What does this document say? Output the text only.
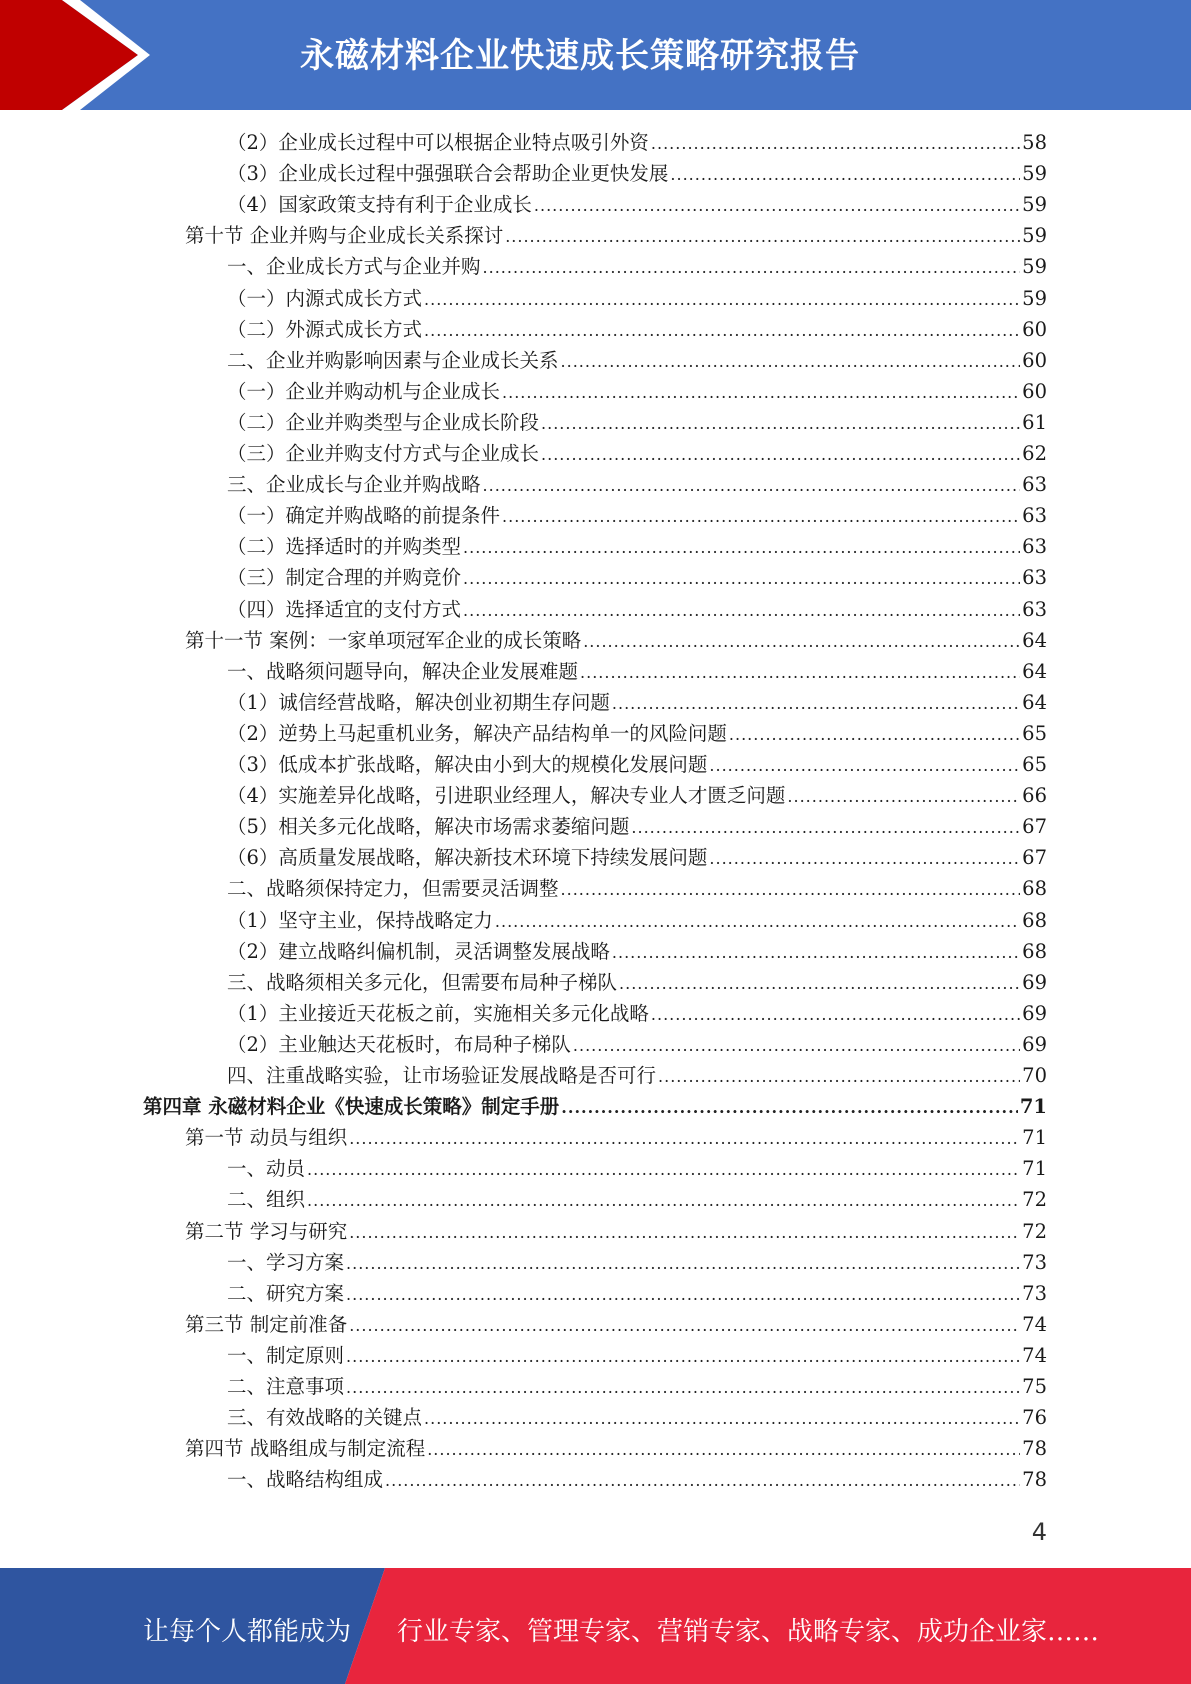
永磁材料企业快速成长策略研究报告
（2）企业成长过程中可以根据企业特点吸引外资 .....	58
（3）企业成长过程中强强联合会帮助企业更快发展 .....	59
（4）国家政策支持有利于企业成长 .....	59
第十节 企业并购与企业成长关系探讨 .....	59
一、企业成长方式与企业并购 .....	59
（一）内源式成长方式 .....	59
（二）外源式成长方式 .....	60
二、企业并购影响因素与企业成长关系 .....	60
（一）企业并购动机与企业成长 .....	60
（二）企业并购类型与企业成长阶段 .....	61
（三）企业并购支付方式与企业成长 .....	62
三、企业成长与企业并购战略 .....	63
（一）确定并购战略的前提条件 .....	63
（二）选择适时的并购类型 .....	63
（三）制定合理的并购竞价 .....	63
（四）选择适宜的支付方式 .....	63
第十一节 案例：一家单项冠军企业的成长策略 .....	64
一、战略须问题导向，解决企业发展难题 .....	64
（1）诚信经营战略，解决创业初期生存问题 .....	64
（2）逆势上马起重机业务，解决产品结构单一的风险问题 .....	65
（3）低成本扩张战略，解决由小到大的规模化发展问题 .....	65
（4）实施差异化战略，引进职业经理人，解决专业人才匮乏问题 .....	66
（5）相关多元化战略，解决市场需求萎缩问题 .....	67
（6）高质量发展战略，解决新技术环境下持续发展问题 .....	67
二、战略须保持定力，但需要灵活调整 .....	68
（1）坚守主业，保持战略定力 .....	68
（2）建立战略纠偏机制，灵活调整发展战略 .....	68
三、战略须相关多元化，但需要布局种子梯队 .....	69
（1）主业接近天花板之前，实施相关多元化战略 .....	69
（2）主业触达天花板时，布局种子梯队 .....	69
四、注重战略实验，让市场验证发展战略是否可行 .....	70
第四章 永磁材料企业《快速成长策略》制定手册 .....	71
第一节 动员与组织 .....	71
一、动员 .....	71
二、组织 .....	72
第二节 学习与研究 .....	72
一、学习方案 .....	73
二、研究方案 .....	73
第三节 制定前准备 .....	74
一、制定原则 .....	74
二、注意事项 .....	75
三、有效战略的关键点 .....	76
第四节 战略组成与制定流程 .....	78
一、战略结构组成 .....	78
4
让每个人都能成为 行业专家、管理专家、营销专家、战略专家、成功企业家……
